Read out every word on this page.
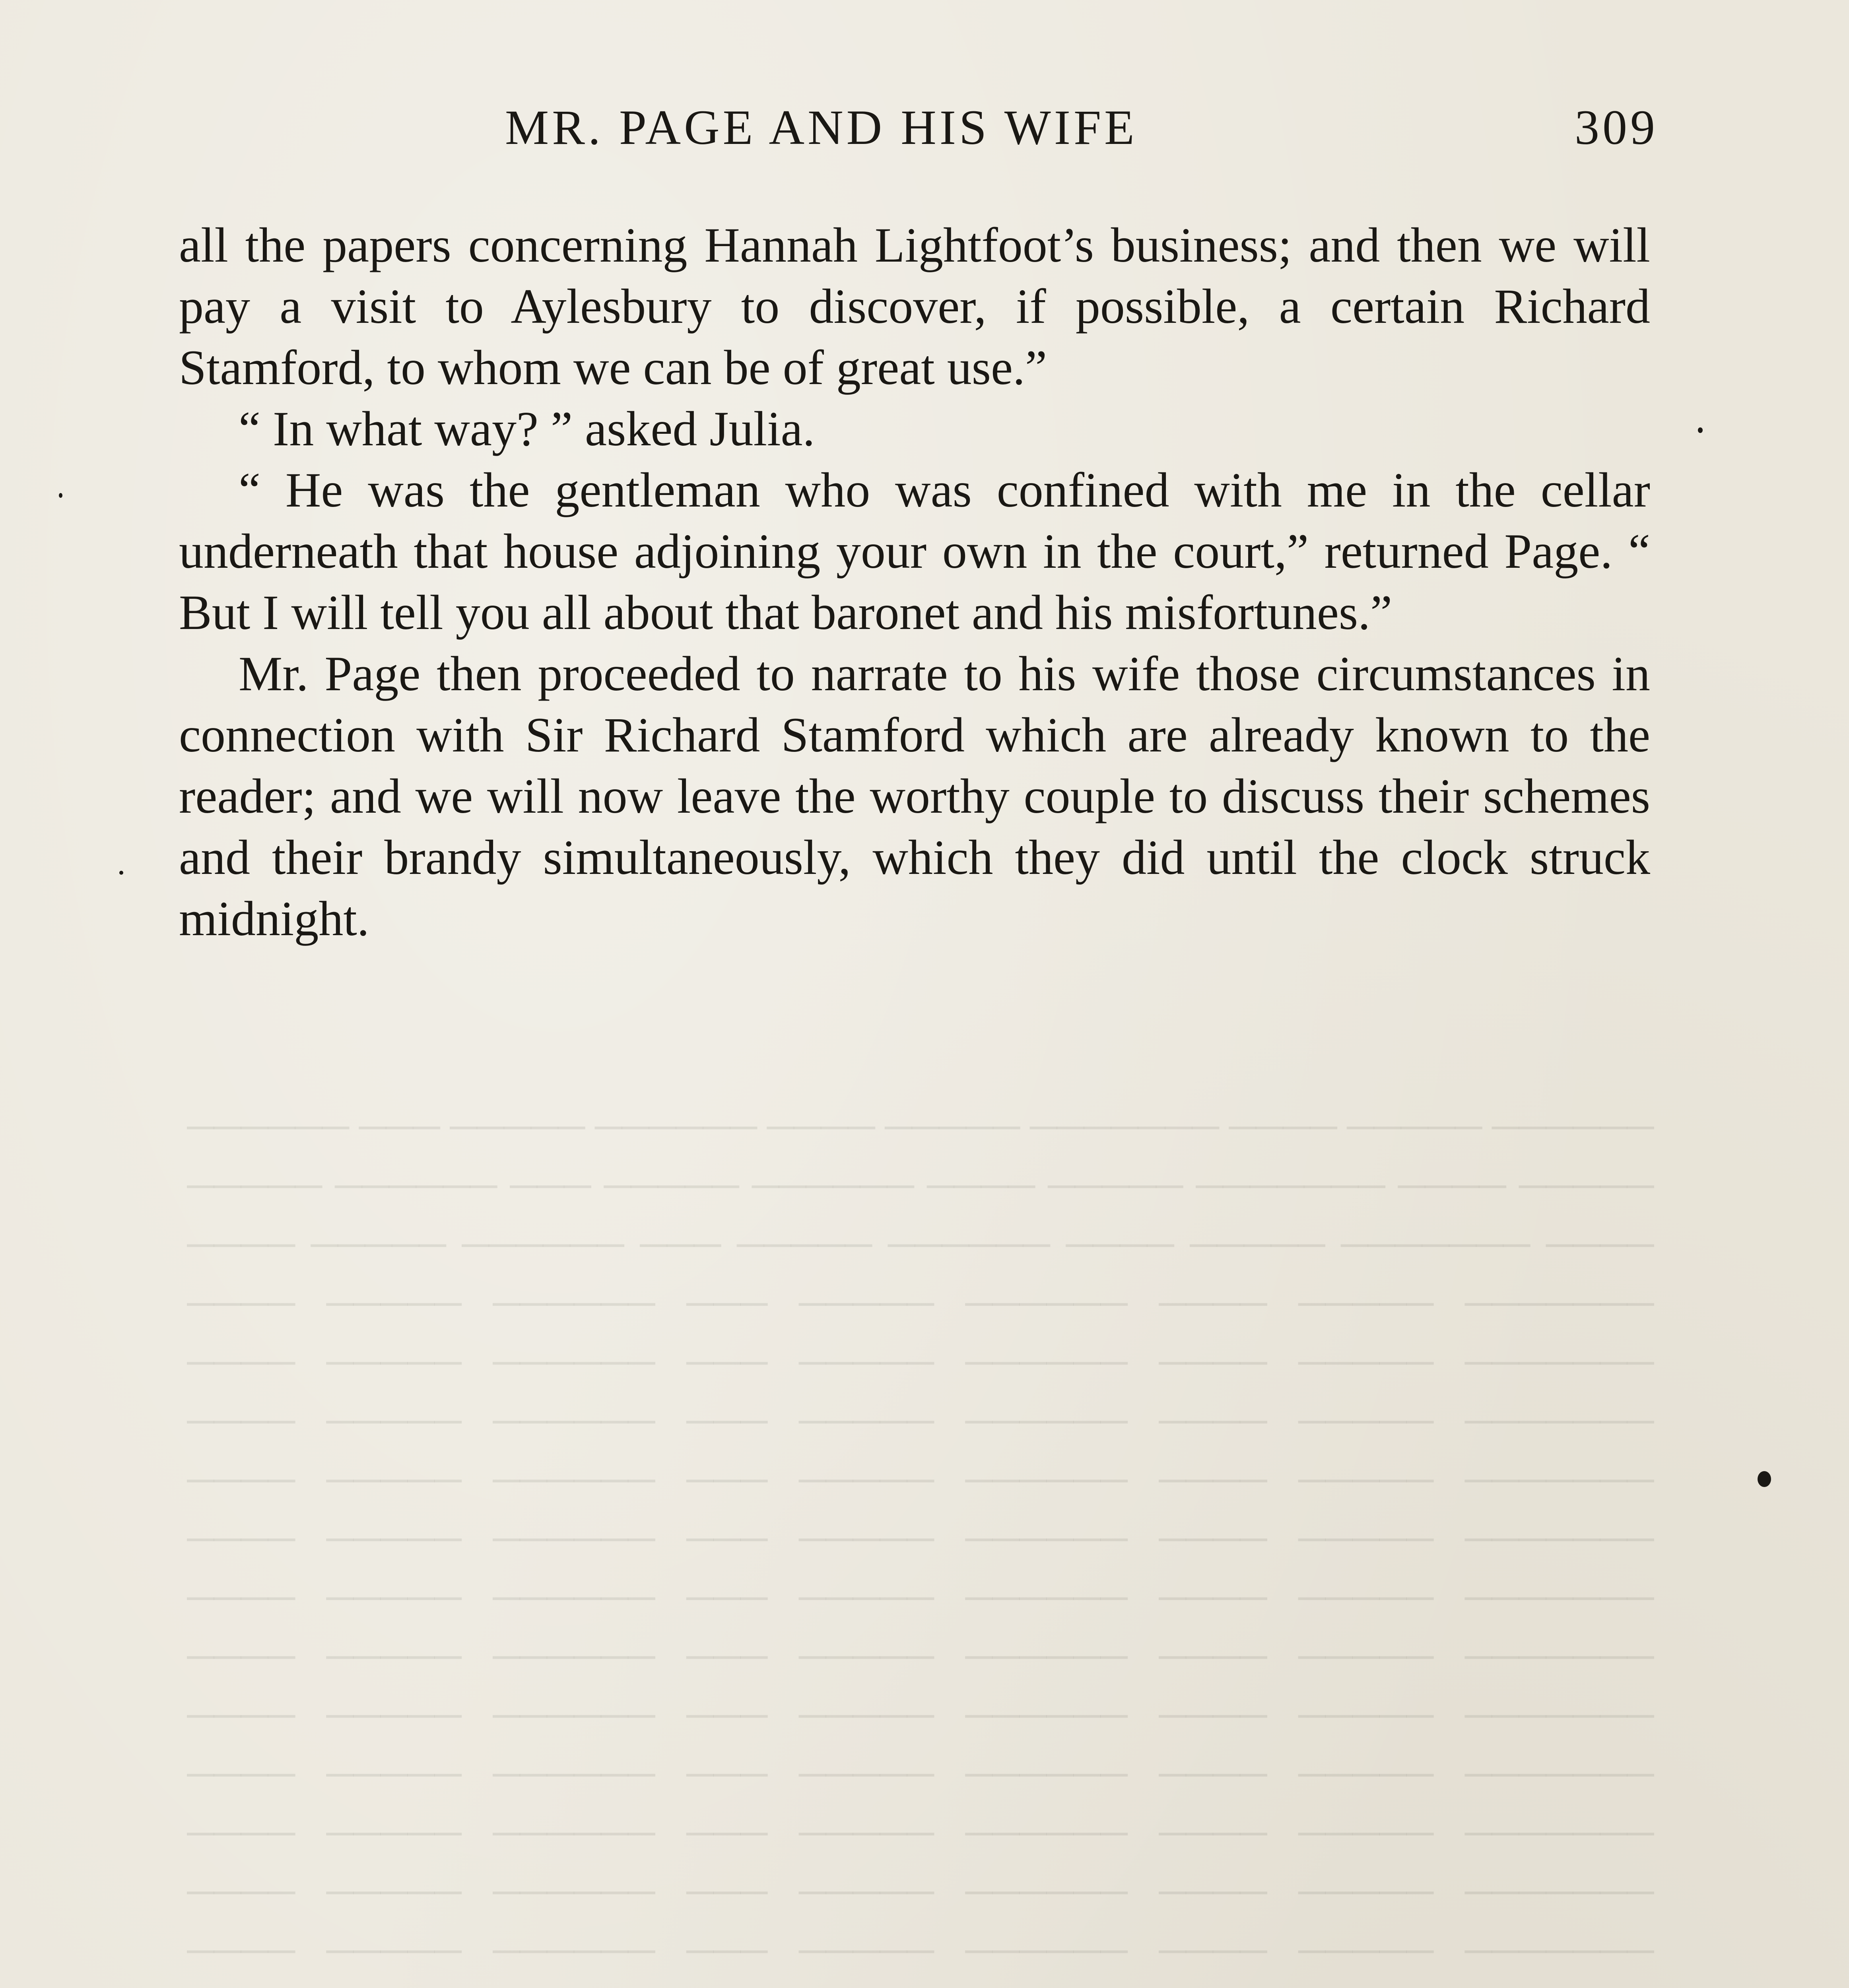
────── ───── ──── ─────── ───── ──── ────── ───── ─── ────── ───── ──── ─────── ───── ──── ────── ───── ─── ────── ───── ──── ─────── ───── ──── ────── ───── ─── ────── ───── ──── ─────── ───── ──── ────── ───── ─── ────── ───── ──── ─────── ───── ──── ────── ───── ─── ────── ───── ──── ─────── ───── ──── ────── ───── ─── ────── ───── ──── ─────── ───── ──── ────── ───── ─── ────── ───── ──── ─────── ───── ──── ────── ───── ─── ────── ───── ──── ─────── ───── ──── ────── ───── ─── ────── ───── ──── ─────── ───── ──── ────── ───── ─── ────── ───── ──── ─────── ───── ──── ────── ───── ─── ────── ───── ──── ─────── ───── ──── ────── ───── ─── ────── ───── ──── ─────── ───── ──── ────── ───── ─── ────── ───── ──── ─────── ───── ──── ────── ───── ─── ────── ───── ──── ─────── ───── ──── ────── ───── ─── ────── ───── ────
MR. PAGE AND HIS WIFE	309

all the papers concerning Hannah Lightfoot’s business; and then we will pay a visit to Aylesbury to discover, if possible, a certain Richard Stamford, to whom we can be of great use.”

“ In what way? ” asked Julia.

“ He was the gentleman who was confined with me in the cellar underneath that house adjoining your own in the court,” returned Page. “ But I will tell you all about that baronet and his misfortunes.”

Mr. Page then proceeded to narrate to his wife those circumstances in connection with Sir Richard Stamford which are already known to the reader; and we will now leave the worthy couple to discuss their schemes and their brandy simultaneously, which they did until the clock struck midnight.
